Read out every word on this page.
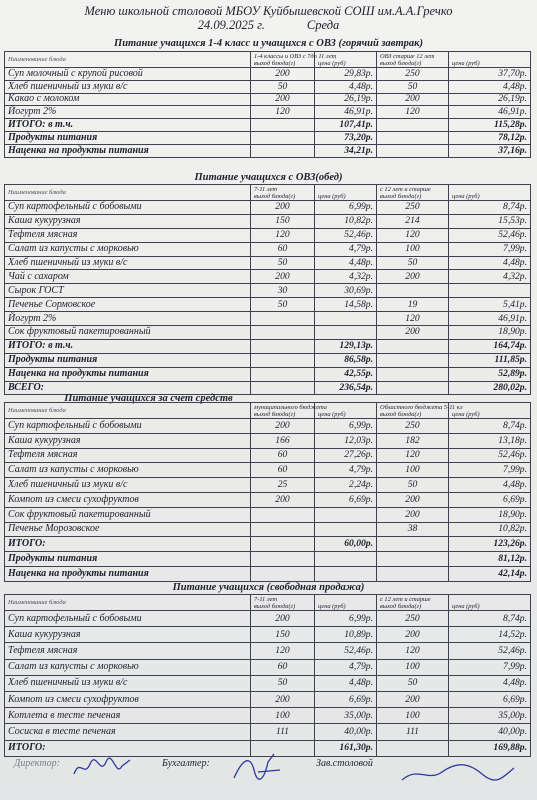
Меню школьной столовой МБОУ Куйбышевской СОШ им.А.А.Гречко
24.09.2025 г.	Среда
Питание учащихся 1-4 класс и учащихся с ОВЗ (горячий завтрак)
Наименование блюда	1-4 классы и ОВЗ с 7до 11 лет
выход блюда(г)	цена (руб)	ОВЗ старше 12 лет
выход блюда(г)	цена (руб)
Суп молочный с крупой рисовой	200	29,83р.	250	37,70р.
Хлеб пшеничный из муки в/с	50	4,48р.	50	4,48р.
Какао с молоком	200	26,19р.	200	26,19р.
Йогурт 2%	120	46,91р.	120	46,91р.
ИТОГО: в т.ч.		107,41р.		115,28р.
Продукты питания		73,20р.		78,12р.
Наценка на продукты питания		34,21р.		37,16р.
Питание учащихся с ОВЗ(обед)
Наименование блюда	7-11 лет
выход блюда(г)	цена (руб)	с 12 лет и старше
выход блюда(г)	цена (руб)
Суп картофельный с бобовыми	200	6,99р.	250	8,74р.
Каша кукурузная	150	10,82р.	214	15,53р.
Тефтеля мясная	120	52,46р.	120	52,46р.
Салат из капусты с морковью	60	4,79р.	100	7,99р.
Хлеб пшеничный из муки в/с	50	4,48р.	50	4,48р.
Чай с сахаром	200	4,32р.	200	4,32р.
Сырок ГОСТ	30	30,69р.		
Печенье Сормовское	50	14,58р.	19	5,41р.
Йогурт 2%			120	46,91р.
Сок фруктовый пакетированный			200	18,90р.
ИТОГО: в т.ч.		129,13р.		164,74р.
Продукты питания		86,58р.		111,85р.
Наценка на продукты питания		42,55р.		52,89р.
ВСЕГО:		236,54р.		280,02р.
Питание учащихся за счет средств
Наименование блюда	муниципального бюджета
выход блюда(г)	цена (руб)	Областного бюджета 5-11 кл
выход блюда(г)	цена (руб)
Суп картофельный с бобовыми	200	6,99р.	250	8,74р.
Каша кукурузная	166	12,03р.	182	13,18р.
Тефтеля мясная	60	27,26р.	120	52,46р.
Салат из капусты с морковью	60	4,79р.	100	7,99р.
Хлеб пшеничный из муки в/с	25	2,24р.	50	4,48р.
Компот из смеси сухофруктов	200	6,69р.	200	6,69р.
Сок фруктовый пакетированный			200	18,90р.
Печенье Морозовское			38	10,82р.
ИТОГО:		60,00р.		123,26р.
Продукты питания				81,12р.
Наценка на продукты питания				42,14р.
Питание учащихся (свободная продажа)
Наименование блюда	7-11 лет
выход блюда(г)	цена (руб)	с 12 лет и старше
выход блюда(г)	цена (руб)
Суп картофельный с бобовыми	200	6,99р.	250	8,74р.
Каша кукурузная	150	10,89р.	200	14,52р.
Тефтеля мясная	120	52,46р.	120	52,46р.
Салат из капусты с морковью	60	4,79р.	100	7,99р.
Хлеб пшеничный из муки в/с	50	4,48р.	50	4,48р.
Компот из смеси сухофруктов	200	6,69р.	200	6,69р.
Котлета в тесте печеная	100	35,00р.	100	35,00р.
Сосиска в тесте печеная	111	40,00р.	111	40,00р.
ИТОГО:		161,30р.		169,88р.
Директор:	Бухгалтер:	Зав.столовой
